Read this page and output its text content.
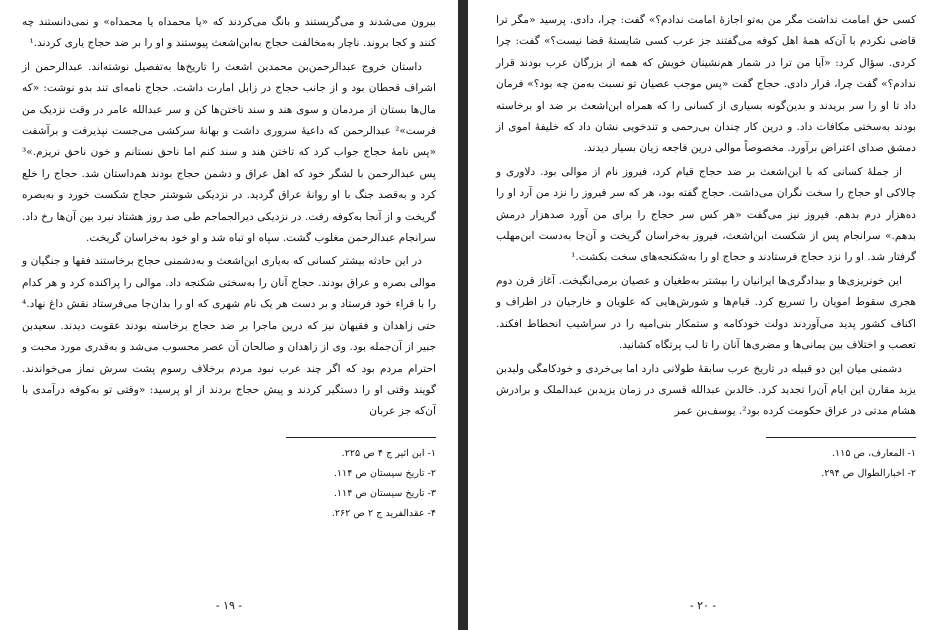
بیرون می‌شدند و می‌گریستند و بانگ می‌کردند که «یا محمداه یا محمداه» و نمی‌دانستند چه کنند و کجا بروند. ناچار به‌مخالفت حجاج به‌ابن‌اشعث پیوستند و او را بر ضد حجاج یاری کردند.¹

داستان خروج عبدالرحمن‌بن محمدبن اشعث را تاریخ‌ها به‌تفصیل نوشته‌اند. عبدالرحمن از اشراف قحطان بود و از جانب حجاج در زابل امارت داشت. حجاج نامه‌ای تند بدو نوشت: «که مال‌ها بستان از مردمان و سوی هند و سند تاختن‌ها کن و سر عبدالله عامر در وقت نزدیک من فرست»² عبدالرحمن که داعیهٔ سروری داشت و بهانهٔ سرکشی می‌جست نپذیرفت و برآشفت «پس نامهٔ حجاج جواب کرد که تاختن هند و سند کنم اما ناحق نستانم و خون ناحق نریزم.»³ پس عبدالرحمن با لشگر خود که اهل عراق و دشمن حجاج بودند هم‌داستان شد. حجاج را خلع کرد و به‌قصد جنگ با او روانهٔ عراق گردید. در نزدیکی شوشتر حجاج شکست خورد و به‌بصره گریخت و از آنجا به‌کوفه رفت. در نزدیکی دیرالجماجم طی صد روز هشتاد نبرد بین آن‌ها رخ داد. سرانجام عبدالرحمن مغلوب گشت. سپاه او تباه شد و او خود به‌خراسان گریخت.

در این حادثه بیشتر کسانی که به‌یاری ابن‌اشعث و به‌دشمنی حجاج برخاستند فقها و جنگیان و موالی بصره و عراق بودند. حجاج آنان را به‌سختی شکنجه داد. موالی را پراکنده کرد و هر کدام را با قراء خود فرستاد و بر دست هر یک نام شهری که او را بدان‌جا می‌فرستاد نقش داغ نهاد.⁴ حتی زاهدان و فقیهان نیز که درین ماجرا بر ضد حجاج برخاسته بودند عقوبت دیدند. سعیدبن جبیر از آن‌جمله بود. وی از زاهدان و صالحان آن عصر محسوب می‌شد و به‌قدری مورد محبت و احترام مردم بود که اگر چند عرب نبود مردم برخلاف رسوم پشت سرش نماز می‌خواندند. گویند وقتی او را دستگیر کردند و پیش حجاج بردند از او پرسید: «وقتی تو به‌کوفه درآمدی با آن‌که جز عربان

۱- ابن اثیر ج ۴ ص ۲۲۵.
۲- تاریخ سیستان ص ۱۱۴.
۳- تاریخ سیستان ص ۱۱۴.
۴- عقدالفرید ج ۲ ص ۲۶۲.
- ۱۹ -

کسی حق امامت نداشت مگر من به‌تو اجازهٔ امامت ندادم؟» گفت: چرا، دادی. پرسید «مگر ترا قاضی نکردم با آن‌که همهٔ اهل کوفه می‌گفتند جز عرب کسی شایستهٔ قضا نیست؟» گفت: چرا کردی. سؤال کرد: «آیا من ترا در شمار هم‌نشینان خویش که همه از بزرگان عرب بودند قرار ندادم؟» گفت چرا، قرار دادی. حجاج گفت «پس موجب عصیان تو نسبت به‌من چه بود؟» فرمان داد تا او را سر بریدند و بدین‌گونه بسیاری از کسانی را که همراه ابن‌اشعث بر ضد او برخاسته بودند به‌سختی مکافات داد. و درین کار چندان بی‌رحمی و تندخویی نشان داد که خلیفهٔ اموی از دمشق صدای اعتراض برآورد. مخصوصاً موالی درین فاجعه زیان بسیار دیدند.

از جملهٔ کسانی که با ابن‌اشعث بر ضد حجاج قیام کرد، فیروز نام از موالی بود. دلاوری و چالاکی او حجاج را سخت نگران می‌داشت. حجاج گفته بود، هر که سر فیروز را نزد من آرد او را ده‌هزار درم بدهم. فیروز نیز می‌گفت «هر کس سر حجاج را برای من آورد صدهزار درمش بدهم.» سرانجام پس از شکست ابن‌اشعث، فیروز به‌خراسان گریخت و آن‌جا به‌دست ابن‌مهلب گرفتار شد. او را نزد حجاج فرستادند و حجاج او را به‌شکنجه‌های سخت بکشت.¹

این خونریزی‌ها و بیدادگری‌ها ایرانیان را بیشتر به‌طغیان و عصیان برمی‌انگیخت. آغاز قرن دوم هجری سقوط امویان را تسریع کرد. قیام‌ها و شورش‌هایی که علویان و خارجیان در اطراف و اکناف کشور پدید می‌آوردند دولت خودکامه و ستمکار بنی‌امیه را در سراشیب انحطاط افکند. تعصب و اختلاف بین یمانی‌ها و مضری‌ها آنان را تا لب پرتگاه کشانید.

دشمنی میان این دو قبیله در تاریخ عرب سابقهٔ طولانی دارد اما بی‌خردی و خودکامگی ولیدبن یزید مقارن این ایام آن‌را تجدید کرد. خالدبن عبدالله قسری در زمان یزیدبن عبدالملک و برادرش هشام مدتی در عراق حکومت کرده بود². یوسف‌بن عمر

۱- المعارف، ص ۱۱۵.
۲- اخبارالطوال ص ۲۹۴.
- ۲۰ -
